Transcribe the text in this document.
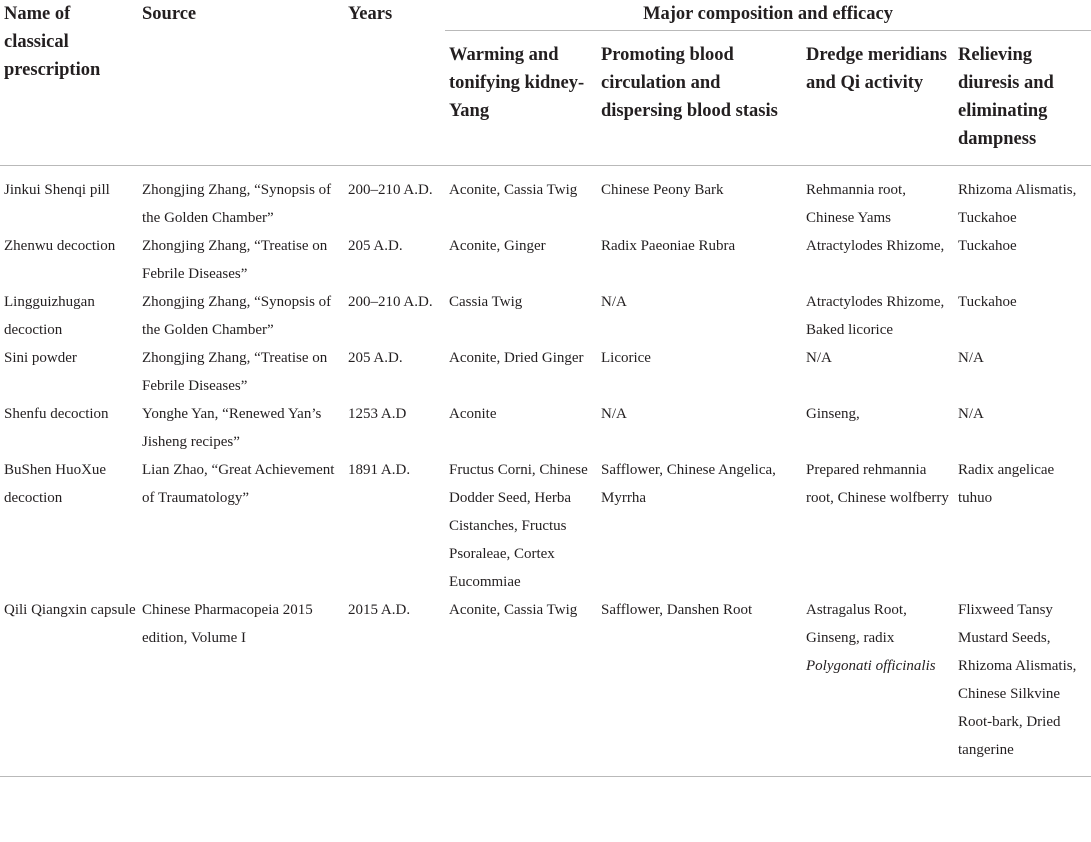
Name of classical prescription	Source	Years	Major composition and efficacy			
			Warming and tonifying kidney-Yang	Promoting blood circulation and dispersing blood stasis	Dredge meridians and Qi activity	Relieving diuresis and eliminating dampness
Jinkui Shenqi pill	Zhongjing Zhang, “Synopsis of the Golden Chamber”	200–210 A.D.	Aconite, Cassia Twig	Chinese Peony Bark	Rehmannia root, Chinese Yams	Rhizoma Alismatis, Tuckahoe
Zhenwu decoction	Zhongjing Zhang, “Treatise on Febrile Diseases”	205 A.D.	Aconite, Ginger	Radix Paeoniae Rubra	Atractylodes Rhizome,	Tuckahoe
Lingguizhugan decoction	Zhongjing Zhang, “Synopsis of the Golden Chamber”	200–210 A.D.	Cassia Twig	N/A	Atractylodes Rhizome, Baked licorice	Tuckahoe
Sini powder	Zhongjing Zhang, “Treatise on Febrile Diseases”	205 A.D.	Aconite, Dried Ginger	Licorice	N/A	N/A
Shenfu decoction	Yonghe Yan, “Renewed Yan’s Jisheng recipes”	1253 A.D	Aconite	N/A	Ginseng,	N/A
BuShen HuoXue decoction	Lian Zhao, “Great Achievement of Traumatology”	1891 A.D.	Fructus Corni, Chinese Dodder Seed, Herba Cistanches, Fructus Psoraleae, Cortex Eucommiae	Safflower, Chinese Angelica, Myrrha	Prepared rehmannia root, Chinese wolfberry	Radix angelicae tuhuo
Qili Qiangxin capsule	Chinese Pharmacopeia 2015 edition, Volume I	2015 A.D.	Aconite, Cassia Twig	Safflower, Danshen Root	Astragalus Root, Ginseng, radix Polygonati officinalis	Flixweed Tansy Mustard Seeds, Rhizoma Alismatis, Chinese Silkvine Root-bark, Dried tangerine
